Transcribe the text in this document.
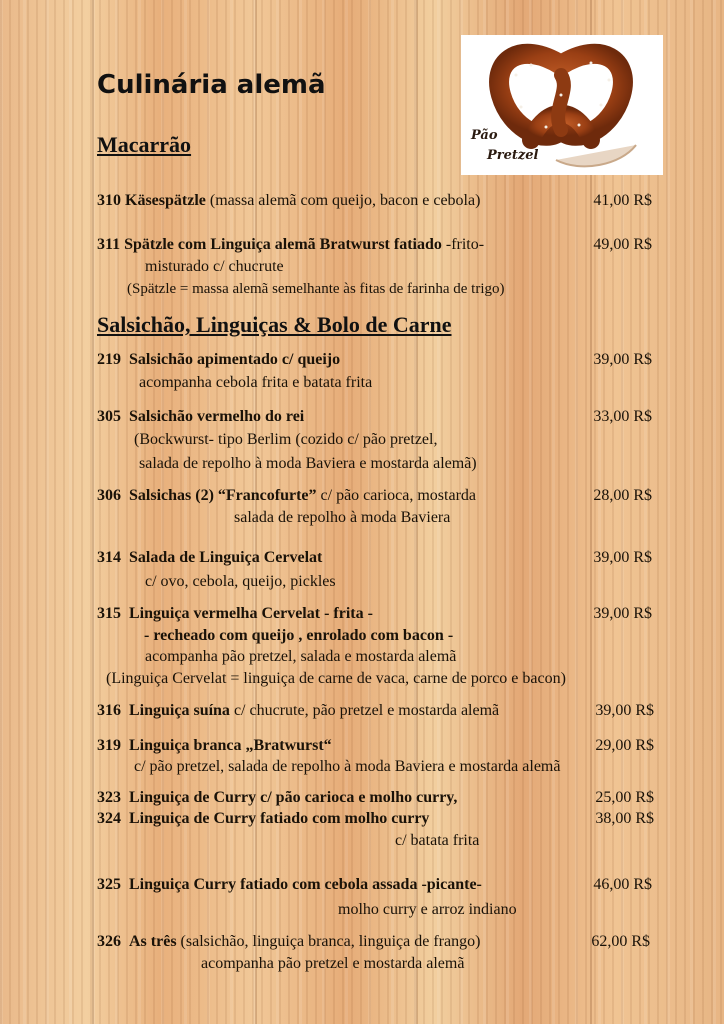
Pão
Pretzel
Culinária alemã
Macarrão
310 Käsespätzle (massa alemã com queijo, bacon e cebola)	41,00 R$
311 Spätzle com Linguiça alemã Bratwurst fatiado -frito-	49,00 R$
misturado c/ chucrute
(Spätzle = massa alemã semelhante às fitas de farinha de trigo)
Salsichão, Linguiças & Bolo de Carne
219 Salsichão apimentado c/ queijo	39,00 R$
acompanha cebola frita e batata frita
305 Salsichão vermelho do rei	33,00 R$
(Bockwurst- tipo Berlim (cozido c/ pão pretzel,
salada de repolho à moda Baviera e mostarda alemã)
306 Salsichas (2) “Francofurte” c/ pão carioca, mostarda	28,00 R$
salada de repolho à moda Baviera
314 Salada de Linguiça Cervelat	39,00 R$
c/ ovo, cebola, queijo, pickles
315 Linguiça vermelha Cervelat - frita -	39,00 R$
- recheado com queijo , enrolado com bacon -
acompanha pão pretzel, salada e mostarda alemã
(Linguiça Cervelat = linguiça de carne de vaca, carne de porco e bacon)
316 Linguiça suína c/ chucrute, pão pretzel e mostarda alemã	39,00 R$
319 Linguiça branca „Bratwurst“	29,00 R$
c/ pão pretzel, salada de repolho à moda Baviera e mostarda alemã
323 Linguiça de Curry c/ pão carioca e molho curry,	25,00 R$
324 Linguiça de Curry fatiado com molho curry	38,00 R$
c/ batata frita
325 Linguiça Curry fatiado com cebola assada -picante-	46,00 R$
molho curry e arroz indiano
326 As três (salsichão, linguiça branca, linguiça de frango)	62,00 R$
acompanha pão pretzel e mostarda alemã
